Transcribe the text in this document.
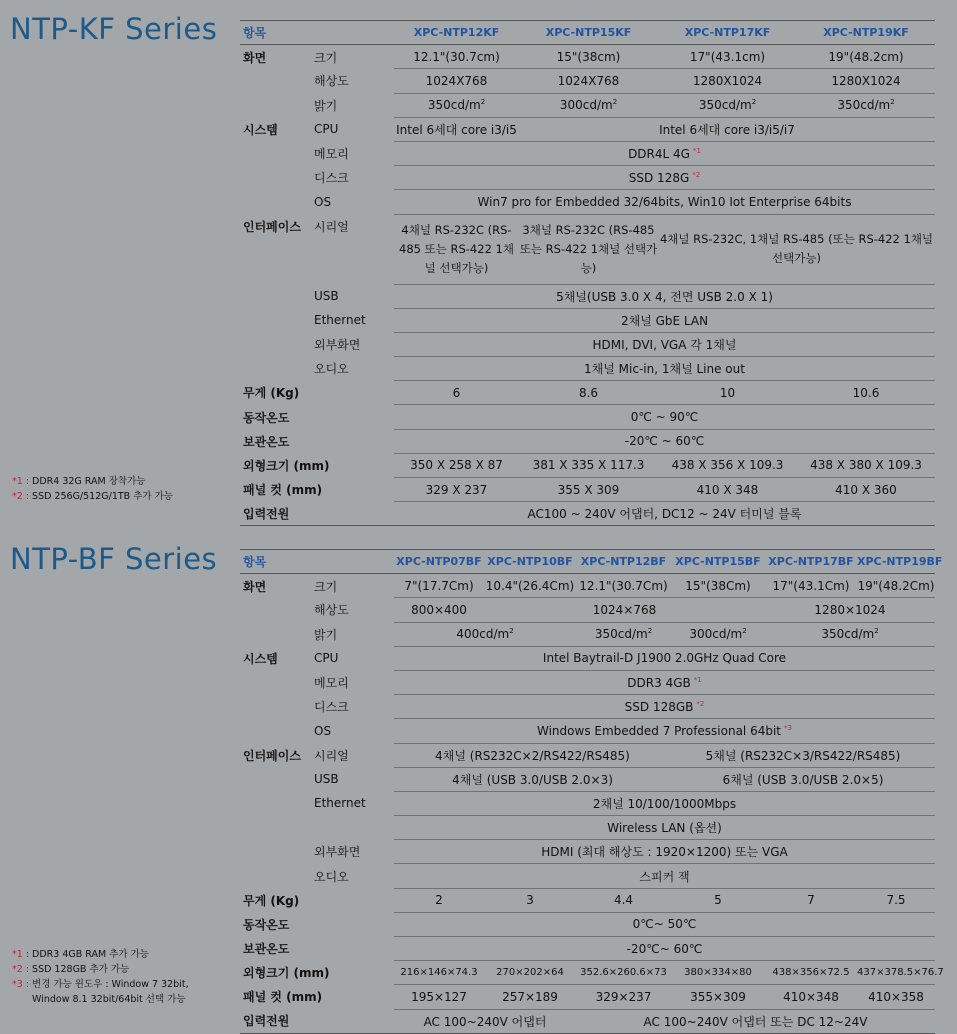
NTP-KF Series 항목		XPC-NTP12KF	XPC-NTP15KF	XPC-NTP17KF	XPC-NTP19KF
화면	크기	12.1"(30.7cm)	15"(38cm)	17"(43.1cm)	19"(48.2cm)
	해상도	1024X768	1024X768	1280X1024	1280X1024
	밝기	$350cd/m^2$	$300cd/m^2$	$350cd/m^2$	$350cd/m^2$
시스템	CPU	Intel 6세대 core i3/i5	Intel 6세대 core i3/i5/i7		
	메모리	DDR4L 4G $^{*1}$
	디스크	SSD 128G $^{*2}$
	OS	Win7 pro for Embedded 32/64bits, Win10 Iot Enterprise 64bits			
인터페이스	시리얼	4채널 RS-232C (RS-485 또는 RS-422 1채널 선택가능)	3채널 RS-232C (RS-485 또는 RS-422 1채널 선택가능)	4채널 RS-232C, 1채널 RS-485 (또는 RS-422 1채널 선택가능)	
	USB	5채널(USB 3.0 X 4, 전면 USB 2.0 X 1)			
	Ethernet	2채널 GbE LAN			
	외부화면	HDMI, DVI, VGA 각 1채널			
	오디오	1채널 Mic-in, 1채널 Line out			
무게 (Kg)		6	8.6	10	10.6
동작온도		0℃ ~ 90℃			
보관온도		-20℃ ~ 60℃			
외형크기 (mm)		350 X 258 X 87	381 X 335 X 117.3	438 X 356 X 109.3	438 X 380 X 109.3
패널 컷 (mm)		329 X 237	355 X 309	410 X 348	410 X 360
입력전원		AC100 ~ 240V 어댑터, DC12 ~ 24V 터미널 블록			
*1 : DDR4 32G RAM 장착가능
*2 : SSD 256G/512G/1TB 추가 가능
NTP-BF Series 항목		XPC-NTP07BF	XPC-NTP10BF	XPC-NTP12BF	XPC-NTP15BF	XPC-NTP17BF	XPC-NTP19BF
화면	크기	7"(17.7Cm)	10.4"(26.4Cm)	12.1"(30.7Cm)	15"(38Cm)	17"(43.1Cm)	19"(48.2Cm)
	해상도	800×400	1024×768			1280×1024	
	밝기	$400cd/m^2$		$350cd/m^2$	$300cd/m^2$	$350cd/m^2$
시스템	CPU	Intel Baytrail-D J1900 2.0GHz Quad Core					
	메모리	DDR3 4GB $^{*1}$
	디스크	SSD 128GB $^{*2}$
	OS	Windows Embedded 7 Professional 64bit $^{*3}$
인터페이스	시리얼	4채널 (RS232C×2/RS422/RS485)			5채널 (RS232C×3/RS422/RS485)		
	USB	4채널 (USB 3.0/USB 2.0×3)			6채널 (USB 3.0/USB 2.0×5)		
	Ethernet	2채널 10/100/1000Mbps					
		Wireless LAN (옵션)					
	외부화면	HDMI (최대 해상도 : 1920×1200) 또는 VGA					
	오디오	스피커 잭					
무게 (Kg)		2	3	4.4	5	7	7.5
동작온도		0℃~ 50℃					
보관온도		-20℃~ 60℃					
외형크기 (mm)		216×146×74.3	270×202×64	352.6×260.6×73	380×334×80	438×356×72.5	437×378.5×76.7
패널 컷 (mm)		195×127	257×189	329×237	355×309	410×348	410×358
입력전원		AC 100~240V 어댑터		AC 100~240V 어댑터 또는 DC 12~24V			
*1 : DDR3 4GB RAM 추가 가능
*2 : SSD 128GB 추가 가능
*3 : 변경 가능 윈도우 : Window 7 32bit,
Window 8.1 32bit/64bit 선택 가능
